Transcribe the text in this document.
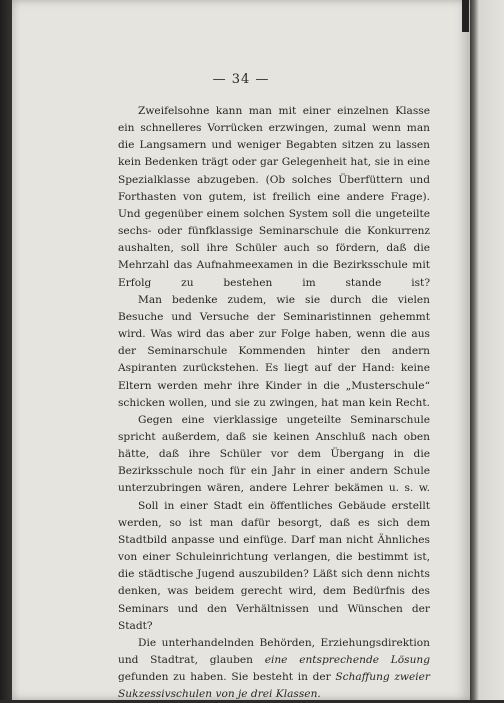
— 34 —

Zweifelsohne kann man mit einer einzelnen Klasse ein schnelleres Vorrücken erzwingen, zumal wenn man die Langsamern und weniger Begabten sitzen zu lassen kein Bedenken trägt oder gar Gelegenheit hat, sie in eine Spezialklasse abzugeben. (Ob solches Überfüttern und Forthasten von gutem, ist freilich eine andere Frage). Und gegenüber einem solchen System soll die ungeteilte sechs- oder fünfklassige Seminarschule die Konkurrenz aushalten, soll ihre Schüler auch so fördern, daß die Mehrzahl das Aufnahmeexamen in die Bezirksschule mit Erfolg zu bestehen im stande ist?

Man bedenke zudem, wie sie durch die vielen Besuche und Versuche der Seminaristinnen gehemmt wird. Was wird das aber zur Folge haben, wenn die aus der Seminarschule Kommenden hinter den andern Aspiranten zurückstehen. Es liegt auf der Hand: keine Eltern werden mehr ihre Kinder in die „Musterschule“ schicken wollen, und sie zu zwingen, hat man kein Recht.

Gegen eine vierklassige ungeteilte Seminarschule spricht außerdem, daß sie keinen Anschluß nach oben hätte, daß ihre Schüler vor dem Übergang in die Bezirksschule noch für ein Jahr in einer andern Schule unterzubringen wären, andere Lehrer bekämen u. s. w.

Soll in einer Stadt ein öffentliches Gebäude erstellt werden, so ist man dafür besorgt, daß es sich dem Stadtbild anpasse und einfüge. Darf man nicht Ähnliches von einer Schuleinrichtung verlangen, die bestimmt ist, die städtische Jugend auszubilden? Läßt sich denn nichts denken, was beidem gerecht wird, dem Bedürfnis des Seminars und den Verhältnissen und Wünschen der Stadt?

Die unterhandelnden Behörden, Erziehungsdirektion und Stadtrat, glauben eine entsprechende Lösung gefunden zu haben. Sie besteht in der Schaffung zweier Sukzessivschulen von je drei Klassen.
